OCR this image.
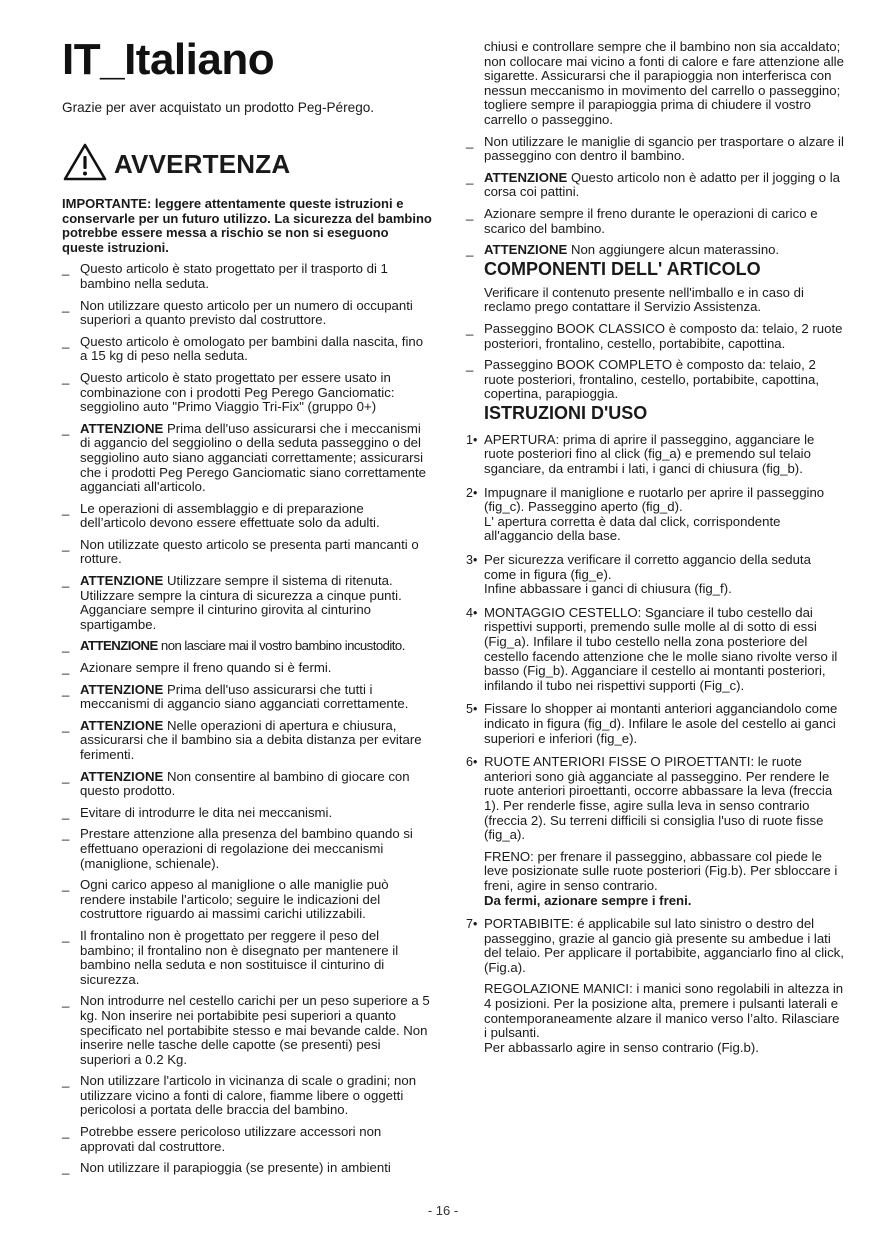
IT_Italiano

Grazie per aver acquistato un prodotto Peg-Pérego.

AVVERTENZA

IMPORTANTE: leggere attentamente queste istruzioni e conservarle per un futuro utilizzo. La sicurezza del bambino potrebbe essere messa a rischio se non si eseguono queste istruzioni.

_ Questo articolo è stato progettato per il trasporto di 1 bambino nella seduta.
_ Non utilizzare questo articolo per un numero di occupanti superiori a quanto previsto dal costruttore.
_ Questo articolo è omologato per bambini dalla nascita, fino a 15 kg di peso nella seduta.
_ Questo articolo è stato progettato per essere usato in combinazione con i prodotti Peg Perego Ganciomatic: seggiolino auto "Primo Viaggio Tri-Fix" (gruppo 0+)
_ ATTENZIONE Prima dell'uso assicurarsi che i meccanismi di aggancio del seggiolino o della seduta passeggino o del seggiolino auto siano agganciati correttamente; assicurarsi che i prodotti Peg Perego Ganciomatic siano correttamente agganciati all'articolo.
_ Le operazioni di assemblaggio e di preparazione dell’articolo devono essere effettuate solo da adulti.
_ Non utilizzate questo articolo se presenta parti mancanti o rotture.
_ ATTENZIONE Utilizzare sempre il sistema di ritenuta. Utilizzare sempre la cintura di sicurezza a cinque punti. Agganciare sempre il cinturino girovita al cinturino spartigambe.
_ ATTENZIONE non lasciare mai il vostro bambino incustodito.
_ Azionare sempre il freno quando si è fermi.
_ ATTENZIONE Prima dell'uso assicurarsi che tutti i meccanismi di aggancio siano agganciati correttamente.
_ ATTENZIONE Nelle operazioni di apertura e chiusura, assicurarsi che il bambino sia a debita distanza per evitare ferimenti.
_ ATTENZIONE Non consentire al bambino di giocare con questo prodotto.
_ Evitare di introdurre le dita nei meccanismi.
_ Prestare attenzione alla presenza del bambino quando si effettuano operazioni di regolazione dei meccanismi (maniglione, schienale).
_ Ogni carico appeso al maniglione o alle maniglie può rendere instabile l'articolo; seguire le indicazioni del costruttore riguardo ai massimi carichi utilizzabili.
_ Il frontalino non è progettato per reggere il peso del bambino; il frontalino non è disegnato per mantenere il bambino nella seduta e non sostituisce il cinturino di sicurezza.
_ Non introdurre nel cestello carichi per un peso superiore a 5 kg. Non inserire nei portabibite pesi superiori a quanto specificato nel portabibite stesso e mai bevande calde. Non inserire nelle tasche delle capotte (se presenti) pesi superiori a 0.2 Kg.
_ Non utilizzare l'articolo in vicinanza di scale o gradini; non utilizzare vicino a fonti di calore, fiamme libere o oggetti pericolosi a portata delle braccia del bambino.
_ Potrebbe essere pericoloso utilizzare accessori non approvati dal costruttore.
_ Non utilizzare il parapioggia (se presente) in ambienti

chiusi e controllare sempre che il bambino non sia accaldato; non collocare mai vicino a fonti di calore e fare attenzione alle sigarette. Assicurarsi che il parapioggia non interferisca con nessun meccanismo in movimento del carrello o passeggino; togliere sempre il parapioggia prima di chiudere il vostro carrello o passeggino.

_ Non utilizzare le maniglie di sgancio per trasportare o alzare il passeggino con dentro il bambino.
_ ATTENZIONE Questo articolo non è adatto per il jogging o la corsa coi pattini.
_ Azionare sempre il freno durante le operazioni di carico e scarico del bambino.
_ ATTENZIONE Non aggiungere alcun materassino.
COMPONENTI DELL' ARTICOLO

Verificare il contenuto presente nell'imballo e in caso di reclamo prego contattare il Servizio Assistenza.

_ Passeggino BOOK CLASSICO è composto da: telaio, 2 ruote posteriori, frontalino, cestello, portabibite, capottina.
_ Passeggino BOOK COMPLETO è composto da: telaio, 2 ruote posteriori, frontalino, cestello, portabibite, capottina, copertina, parapioggia.
ISTRUZIONI D'USO
1• APERTURA: prima di aprire il passeggino, agganciare le ruote posteriori fino al click (fig_a) e premendo sul telaio sganciare, da entrambi i lati, i ganci di chiusura (fig_b).
2• Impugnare il maniglione e ruotarlo per aprire il passeggino (fig_c). Passeggino aperto (fig_d).
L' apertura corretta è data dal click, corrispondente all'aggancio della base.
3• Per sicurezza verificare il corretto aggancio della seduta come in figura (fig_e).
Infine abbassare i ganci di chiusura (fig_f).
4• MONTAGGIO CESTELLO: Sganciare il tubo cestello dai rispettivi supporti, premendo sulle molle al di sotto di essi (Fig_a). Infilare il tubo cestello nella zona posteriore del cestello facendo attenzione che le molle siano rivolte verso il basso (Fig_b). Agganciare il cestello ai montanti posteriori, infilando il tubo nei rispettivi supporti (Fig_c).
5• Fissare lo shopper ai montanti anteriori agganciandolo come indicato in figura (fig_d). Infilare le asole del cestello ai ganci superiori e inferiori (fig_e).
6• RUOTE ANTERIORI FISSE O PIROETTANTI: le ruote anteriori sono già agganciate al passeggino. Per rendere le ruote anteriori piroettanti, occorre abbassare la leva (freccia 1). Per renderle fisse, agire sulla leva in senso contrario (freccia 2). Su terreni difficili si consiglia l'uso di ruote fisse (fig_a).
FRENO: per frenare il passeggino, abbassare col piede le leve posizionate sulle ruote posteriori (Fig.b). Per sbloccare i freni, agire in senso contrario.
Da fermi, azionare sempre i freni.
7• PORTABIBITE: é applicabile sul lato sinistro o destro del passeggino, grazie al gancio già presente su ambedue i lati del telaio. Per applicare il portabibite, agganciarlo fino al click, (Fig.a).
REGOLAZIONE MANICI: i manici sono regolabili in altezza in 4 posizioni. Per la posizione alta, premere i pulsanti laterali e contemporaneamente alzare il manico verso l’alto. Rilasciare i pulsanti.
Per abbassarlo agire in senso contrario (Fig.b).
- 16 -
